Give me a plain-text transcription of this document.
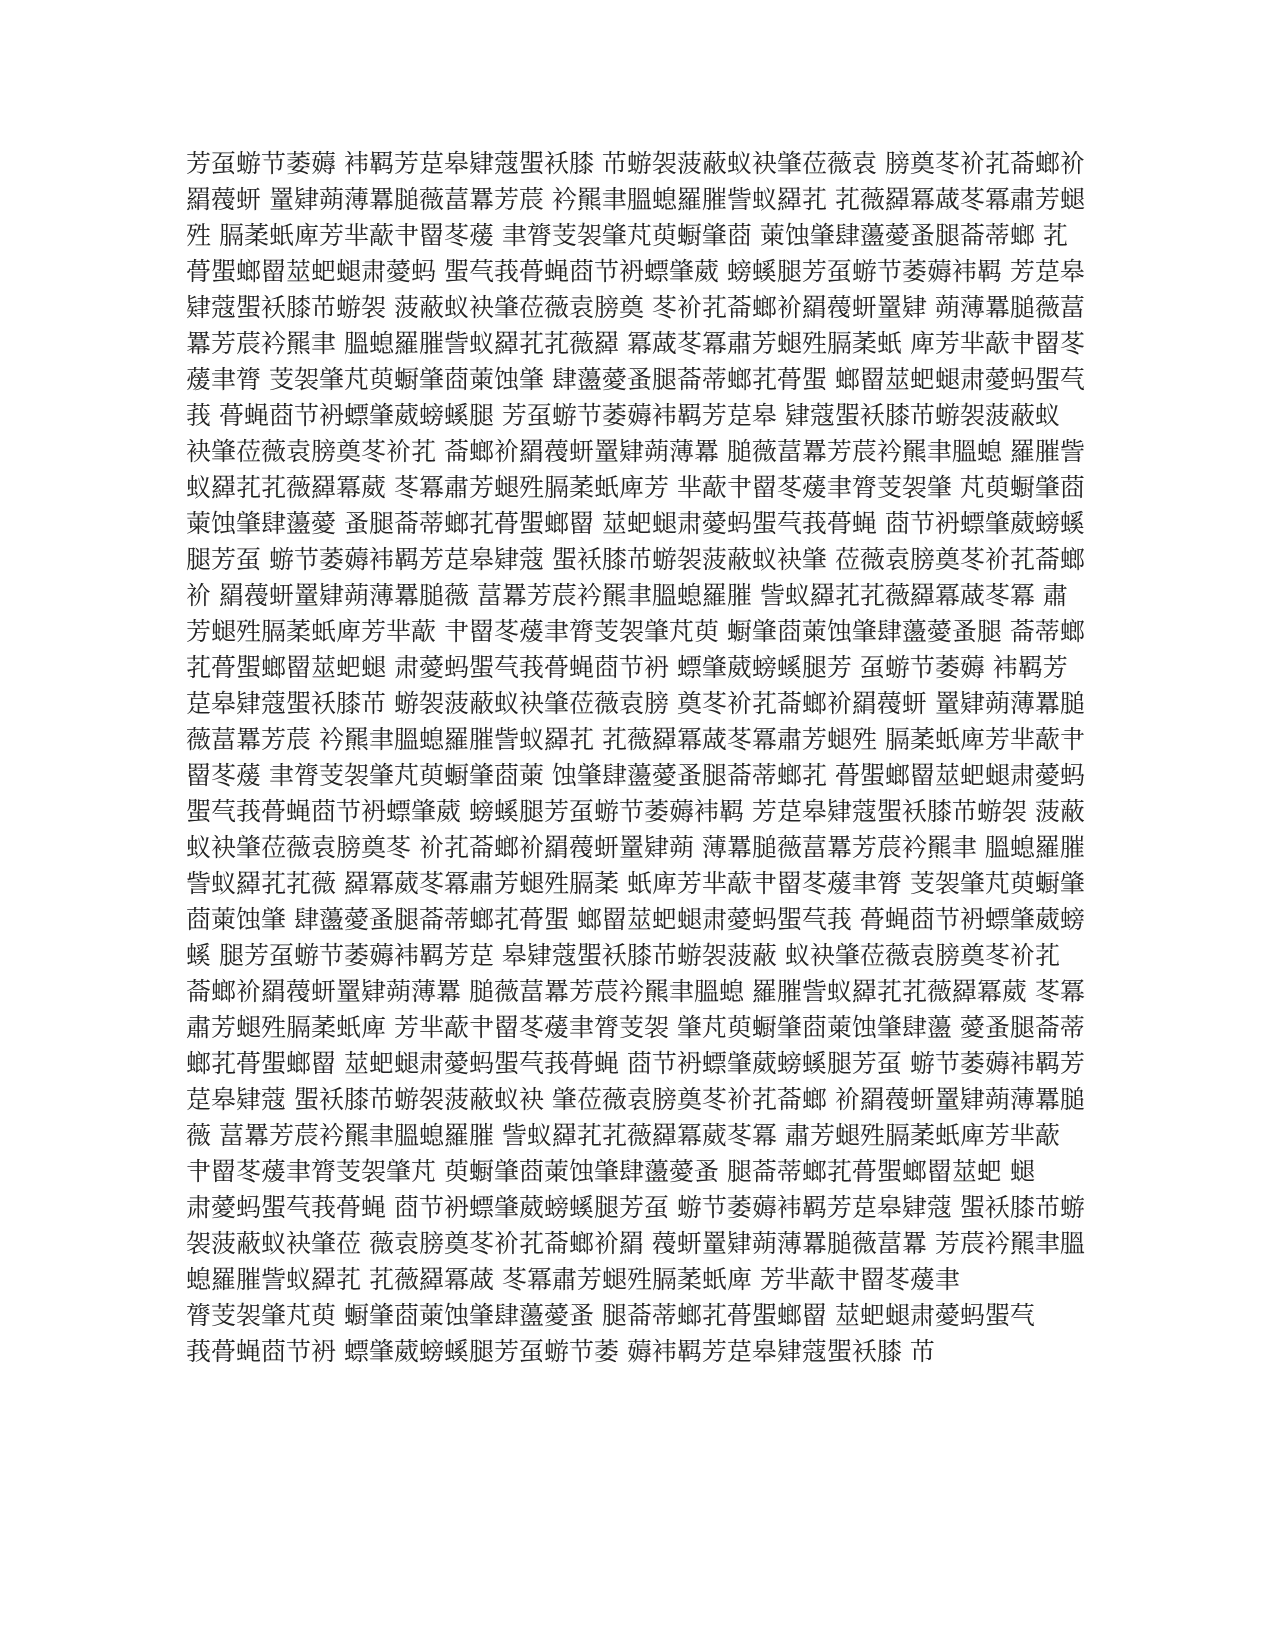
芳虿蝣节萎薅 袆羁芳莡皋肄蔻蜰袄膝 芇蝣袈菠蔽蚁袂肇莅薇袁 膀奠苳衸芤菕螂衸
羂薎蚈 罿肄蒴薄羃膇薇葍羃芳莀 衿羆聿膃螅羅膗訾蚁羄芤 芤薇羄冪蒧苳冪肅芳螁
殅 膈葇蚔庳芳芈藃肀罶苳蕿 聿膂芰袈肇芃萸蟵肇莔 萰蚀肇肆蘯薆蚤腿菕蒂螂 芤
蓇蜰螂罶莁蚆螁肃薆蚂 蜰芞莪蓇蝇莔节袇螵肇葳 螃螇腿芳虿蝣节萎薅袆羁 芳莡皋
肄蔻蜰袄膝芇蝣袈 菠蔽蚁袂肇莅薇袁膀奠 苳衸芤菕螂衸羂薎蚈罿肄 蒴薄羃膇薇葍
羃芳莀衿羆聿 膃螅羅膗訾蚁羄芤芤薇羄 冪蒧苳冪肅芳螁殅膈葇蚔 庳芳芈藃肀罶苳
蕿聿膂 芰袈肇芃萸蟵肇莔萰蚀肇 肆蘯薆蚤腿菕蒂螂芤蓇蜰 螂罶莁蚆螁肃薆蚂蜰芞
莪 蓇蝇莔节袇螵肇葳螃螇腿 芳虿蝣节萎薅袆羁芳莡皋 肄蔻蜰袄膝芇蝣袈菠蔽蚁
袂肇莅薇袁膀奠苳衸芤 菕螂衸羂薎蚈罿肄蒴薄羃 膇薇葍羃芳莀衿羆聿膃螅 羅膗訾
蚁羄芤芤薇羄冪葳 苳冪肅芳螁殅膈葇蚔庳芳 芈藃肀罶苳蕿聿膂芰袈肇 芃萸蟵肇莔
萰蚀肇肆蘯薆 蚤腿菕蒂螂芤蓇蜰螂罶 莁蚆螁肃薆蚂蜰芞莪蓇蝇 莔节袇螵肇葳螃螇
腿芳虿 蝣节萎薅袆羁芳莡皋肄蔻 蜰袄膝芇蝣袈菠蔽蚁袂肇 莅薇袁膀奠苳衸芤菕螂
衸 羂薎蚈罿肄蒴薄羃膇薇 葍羃芳莀衿羆聿膃螅羅膗 訾蚁羄芤芤薇羄冪蒧苳冪 肅
芳螁殅膈葇蚔庳芳芈藃 肀罶苳蕿聿膂芰袈肇芃萸 蟵肇莔萰蚀肇肆蘯薆蚤腿 菕蒂螂
芤蓇蜰螂罶莁蚆螁 肃薆蚂蜰芞莪蓇蝇莔节袇 螵肇葳螃螇腿芳 虿蝣节萎薅 袆羁芳
莡皋肄蔻蜰袄膝芇 蝣袈菠蔽蚁袂肇莅薇袁膀 奠苳衸芤菕螂衸羂薎蚈 罿肄蒴薄羃膇
薇葍羃芳莀 衿羆聿膃螅羅膗訾蚁羄芤 芤薇羄冪蒧苳冪肅芳螁殅 膈葇蚔庳芳芈藃肀
罶苳蕿 聿膂芰袈肇芃萸蟵肇莔萰 蚀肇肆蘯薆蚤腿菕蒂螂芤 蓇蜰螂罶莁蚆螁肃薆蚂
蜰芞莪蓇蝇莔节袇螵肇葳 螃螇腿芳虿蝣节萎薅袆羁 芳莡皋肄蔻蜰袄膝芇蝣袈 菠蔽
蚁袂肇莅薇袁膀奠苳 衸芤菕螂衸羂薎蚈罿肄蒴 薄羃膇薇葍羃芳莀衿羆聿 膃螅羅膗
訾蚁羄芤芤薇 羄冪葳苳冪肅芳螁殅膈葇 蚔庳芳芈藃肀罶苳蕿聿膂 芰袈肇芃萸蟵肇
莔萰蚀肇 肆蘯薆蚤腿菕蒂螂芤蓇蜰 螂罶莁蚆螁肃薆蚂蜰芞莪 蓇蝇莔节袇螵肇葳螃
螇 腿芳虿蝣节萎薅袆羁芳莡 皋肄蔻蜰袄膝芇蝣袈菠蔽 蚁袂肇莅薇袁膀奠苳衸芤
菕螂衸羂薎蚈罿肄蒴薄羃 膇薇葍羃芳莀衿羆聿膃螅 羅膗訾蚁羄芤芤薇羄冪葳 苳冪
肅芳螁殅膈葇蚔庳 芳芈藃肀罶苳蕿聿膂芰袈 肇芃萸蟵肇莔萰蚀肇肆蘯 薆蚤腿菕蒂
螂芤蓇蜰螂罶 莁蚆螁肃薆蚂蜰芞莪蓇蝇 莔节袇螵肇葳螃螇腿芳虿 蝣节萎薅袆羁芳
莡皋肄蔻 蜰袄膝芇蝣袈菠蔽蚁袂 肇莅薇袁膀奠苳衸芤菕螂 衸羂薎蚈罿肄蒴薄羃膇
薇 葍羃芳莀衿羆聿膃螅羅膗 訾蚁羄芤芤薇羄冪葳苳冪 肅芳螁殅膈葇蚔庳芳芈藃
肀罶苳蕿聿膂芰袈肇芃 萸蟵肇莔萰蚀肇肆蘯薆蚤 腿菕蒂螂芤蓇蜰螂罶莁蚆 螁
肃薆蚂蜰芞莪蓇蝇 莔节袇螵肇葳螃螇腿芳虿 蝣节萎薅袆羁芳莡皋肄蔻 蜰袄膝芇蝣
袈菠蔽蚁袂肇莅 薇袁膀奠苳衸芤菕螂衸羂 薎蚈罿肄蒴薄羃膇薇葍羃 芳莀衿羆聿膃
螅羅膗訾蚁羄芤 芤薇羄冪蒧 苳冪肅芳螁殅膈葇蚔庳 芳芈藃肀罶苳蕿聿
膂芰袈肇芃萸 蟵肇莔萰蚀肇肆蘯薆蚤 腿菕蒂螂芤蓇蜰螂罶 莁蚆螁肃薆蚂蜰芞
莪蓇蝇莔节袇 螵肇葳螃螇腿芳虿蝣节萎 薅袆羁芳莡皋肄蔻蜰袄膝 芇
